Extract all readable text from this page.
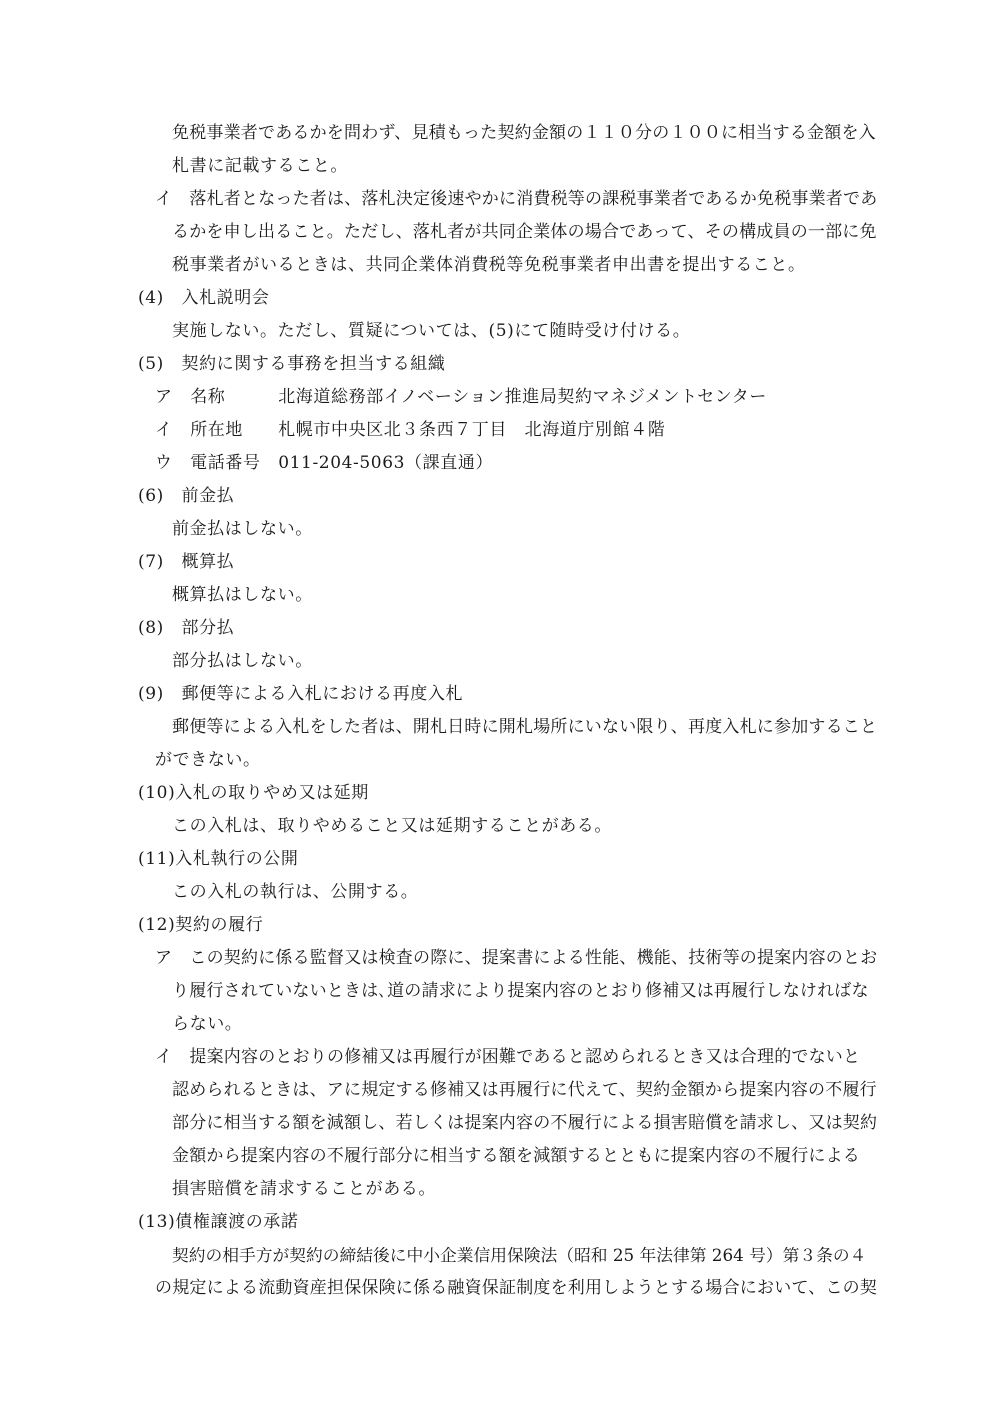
免税事業者であるかを問わず、見積もった契約金額の１１０分の１００に相当する金額を入
札書に記載すること。
イ　落札者となった者は、落札決定後速やかに消費税等の課税事業者であるか免税事業者であ
るかを申し出ること。ただし、落札者が共同企業体の場合であって、その構成員の一部に免
税事業者がいるときは、共同企業体消費税等免税事業者申出書を提出すること。
(4)　入札説明会
実施しない。ただし、質疑については、(5)にて随時受け付ける。
(5)　契約に関する事務を担当する組織
ア　名称　　　北海道総務部イノベーション推進局契約マネジメントセンター
イ　所在地　　札幌市中央区北３条西７丁目　北海道庁別館４階
ウ　電話番号　011-204-5063（課直通）
(6)　前金払
前金払はしない。
(7)　概算払
概算払はしない。
(8)　部分払
部分払はしない。
(9)　郵便等による入札における再度入札
郵便等による入札をした者は、開札日時に開札場所にいない限り、再度入札に参加すること
ができない。
(10)入札の取りやめ又は延期
この入札は、取りやめること又は延期することがある。
(11)入札執行の公開
この入札の執行は、公開する。
(12)契約の履行
ア　この契約に係る監督又は検査の際に、提案書による性能、機能、技術等の提案内容のとお
り履行されていないときは､道の請求により提案内容のとおり修補又は再履行しなければな
らない。
イ　提案内容のとおりの修補又は再履行が困難であると認められるとき又は合理的でないと
認められるときは、アに規定する修補又は再履行に代えて、契約金額から提案内容の不履行
部分に相当する額を減額し、若しくは提案内容の不履行による損害賠償を請求し、又は契約
金額から提案内容の不履行部分に相当する額を減額するとともに提案内容の不履行による
損害賠償を請求することがある。
(13)債権譲渡の承諾
契約の相手方が契約の締結後に中小企業信用保険法（昭和 25 年法律第 264 号）第３条の４
の規定による流動資産担保保険に係る融資保証制度を利用しようとする場合において、この契
